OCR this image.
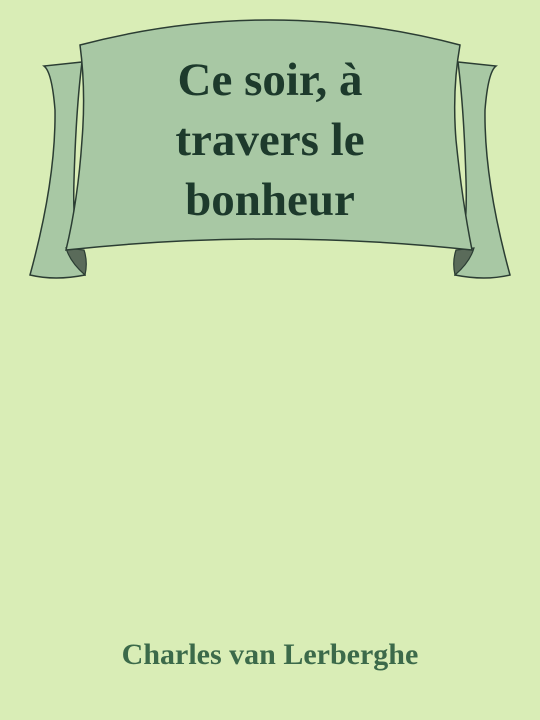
Ce soir, à
travers le
bonheur

Charles van Lerberghe
